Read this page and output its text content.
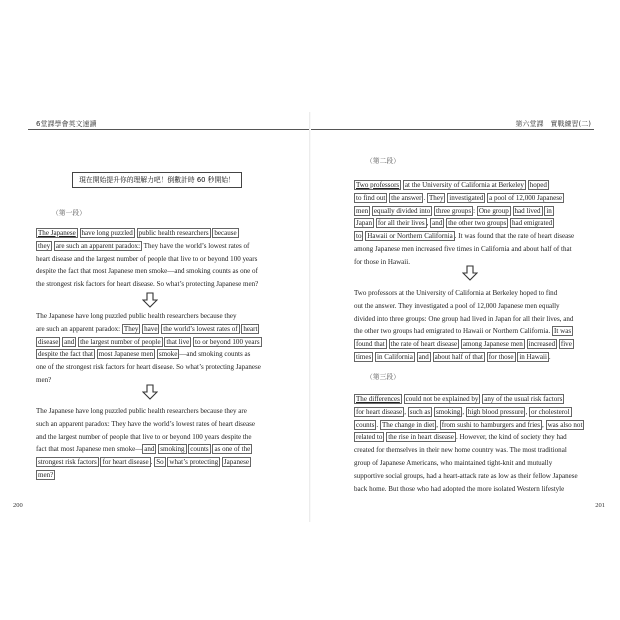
6堂課學會英文速讀
現在開始提升你的理解力吧！倒數計時 60 秒開始！
（第一段）
The Japanese have long puzzled public health researchers because
they are such an apparent paradox: They have the world’s lowest rates of
heart disease and the largest number of people that live to or beyond 100 years
despite the fact that most Japanese men smoke—and smoking counts as one of
the strongest risk factors for heart disease. So what’s protecting Japanese men?
The Japanese have long puzzled public health researchers because they
are such an apparent paradox: They have the world’s lowest rates of heart
disease and the largest number of people that live to or beyond 100 years
despite the fact that most Japanese men smoke —and smoking counts as
one of the strongest risk factors for heart disease. So what’s protecting Japanese
men?
The Japanese have long puzzled public health researchers because they are
such an apparent paradox: They have the world’s lowest rates of heart disease
and the largest number of people that live to or beyond 100 years despite the
fact that most Japanese men smoke— and smoking counts as one of the
strongest risk factors for heart disease . So what’s protecting Japanese
men?
200
第六堂課　實戰練習(二)
（第二段）
Two professors at the University of California at Berkeley hoped
to find out the answer . They investigated a pool of 12,000 Japanese
men equally divided into three groups : One group had lived in
Japan for all their lives , and the other two groups had emigrated
to Hawaii or Northern California . It was found that the rate of heart disease
among Japanese men increased five times in California and about half of that
for those in Hawaii.
Two professors at the University of California at Berkeley hoped to find
out the answer. They investigated a pool of 12,000 Japanese men equally
divided into three groups: One group had lived in Japan for all their lives, and
the other two groups had emigrated to Hawaii or Northern California. It was
found that the rate of heart disease among Japanese men increased five
times in California and about half of that for those in Hawaii .
（第三段）
The differences could not be explained by any of the usual risk factors
for heart disease , such as smoking , high blood pressure , or cholesterol
counts . The change in diet , from sushi to hamburgers and fries , was also not
related to the rise in heart disease . However, the kind of society they had
created for themselves in their new home country was. The most traditional
group of Japanese Americans, who maintained tight-knit and mutually
supportive social groups, had a heart-attack rate as low as their fellow Japanese
back home. But those who had adopted the more isolated Western lifestyle
201
